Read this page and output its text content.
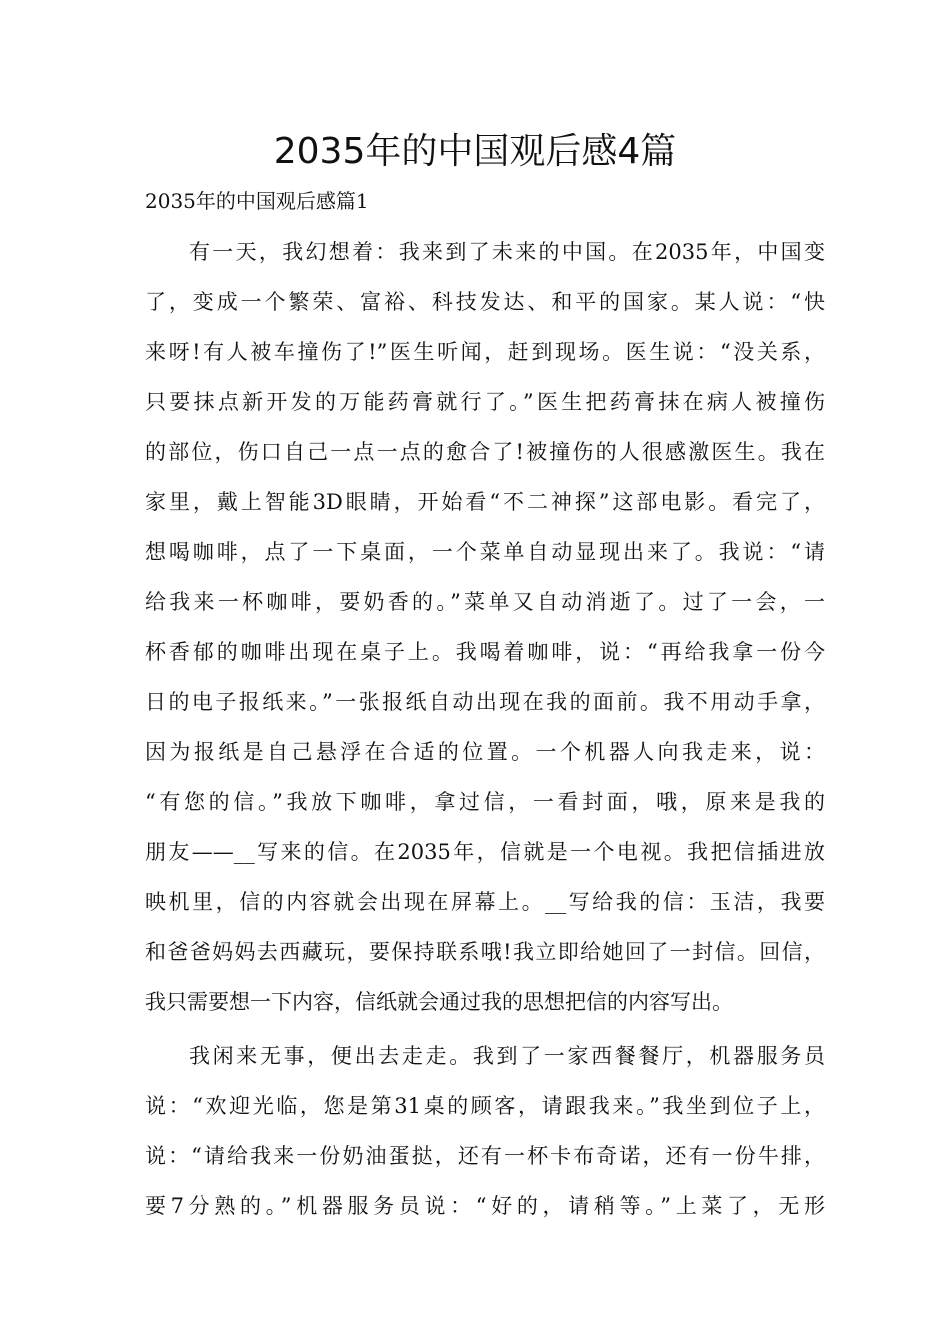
2035年的中国观后感4篇
2035年的中国观后感篇1

有一天，我幻想着：我来到了未来的中国。在2035年，中国变
了，变成一个繁荣、富裕、科技发达、和平的国家。某人说：“快
来呀!有人被车撞伤了!”医生听闻，赶到现场。医生说：“没关系，
只要抹点新开发的万能药膏就行了。”医生把药膏抹在病人被撞伤
的部位，伤口自己一点一点的愈合了!被撞伤的人很感激医生。我在
家里，戴上智能3D眼睛，开始看“不二神探”这部电影。看完了，
想喝咖啡，点了一下桌面，一个菜单自动显现出来了。我说：“请
给我来一杯咖啡，要奶香的。”菜单又自动消逝了。过了一会，一
杯香郁的咖啡出现在桌子上。我喝着咖啡，说：“再给我拿一份今
日的电子报纸来。”一张报纸自动出现在我的面前。我不用动手拿，
因为报纸是自己悬浮在合适的位置。一个机器人向我走来，说：
“有您的信。”我放下咖啡，拿过信，一看封面，哦，原来是我的
朋友——__写来的信。在2035年，信就是一个电视。我把信插进放
映机里，信的内容就会出现在屏幕上。__写给我的信：玉洁，我要
和爸爸妈妈去西藏玩，要保持联系哦!我立即给她回了一封信。回信，
我只需要想一下内容，信纸就会通过我的思想把信的内容写出。

我闲来无事，便出去走走。我到了一家西餐餐厅，机器服务员
说：“欢迎光临，您是第31桌的顾客，请跟我来。”我坐到位子上，
说：“请给我来一份奶油蛋挞，还有一杯卡布奇诺，还有一份牛排，
要7分熟的。”机器服务员说：“好的，请稍等。”上菜了，无形
